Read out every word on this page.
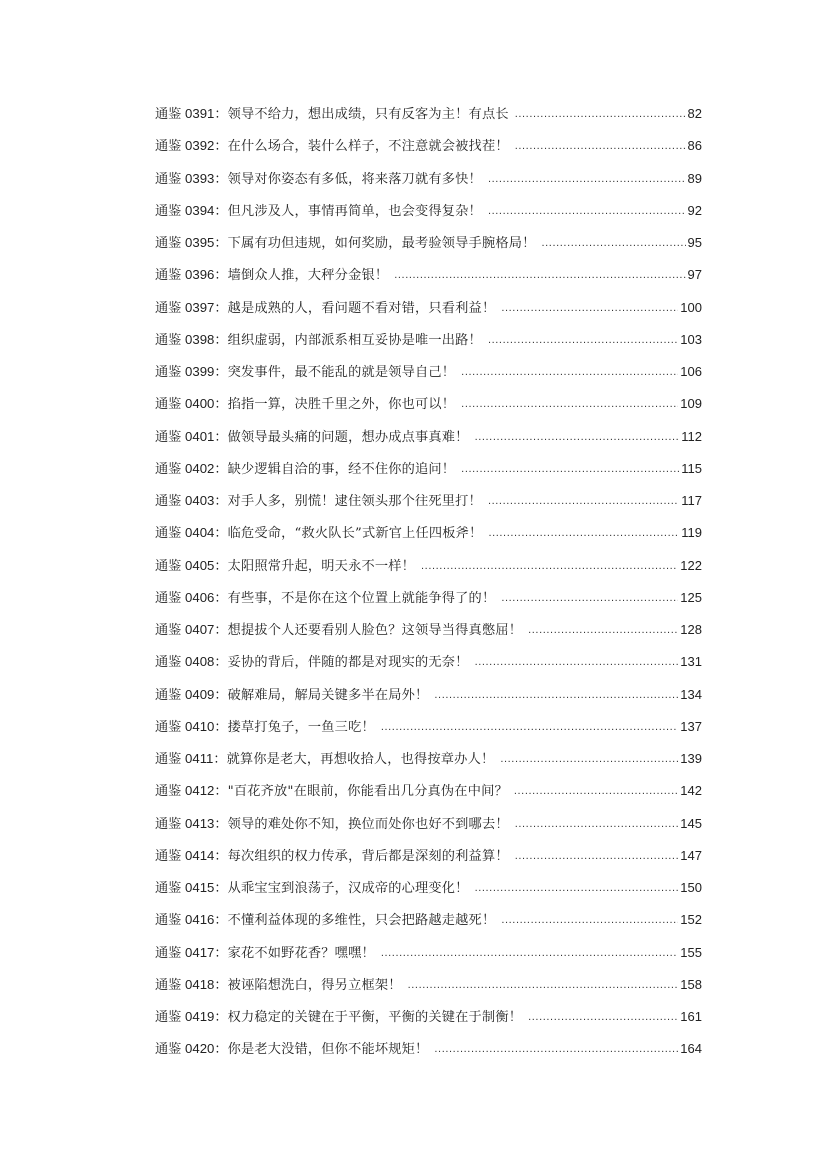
通鉴 0391： 领导不给力，想出成绩，只有反客为主！有点长 .....	82
通鉴 0392： 在什么场合，装什么样子，不注意就会被找茬！ .....	86
通鉴 0393： 领导对你姿态有多低，将来落刀就有多快！ .....	89
通鉴 0394： 但凡涉及人，事情再简单，也会变得复杂！ .....	92
通鉴 0395： 下属有功但违规，如何奖励，最考验领导手腕格局！ .....	95
通鉴 0396： 墙倒众人推，大秤分金银！ .....	97
通鉴 0397： 越是成熟的人，看问题不看对错，只看利益！ .....	100
通鉴 0398： 组织虚弱，内部派系相互妥协是唯一出路！ .....	103
通鉴 0399： 突发事件，最不能乱的就是领导自己！ .....	106
通鉴 0400： 掐指一算，决胜千里之外，你也可以！ .....	109
通鉴 0401： 做领导最头痛的问题，想办成点事真难！ .....	112
通鉴 0402： 缺少逻辑自洽的事，经不住你的追问！ .....	115
通鉴 0403： 对手人多，别慌！逮住领头那个往死里打！ .....	117
通鉴 0404： 临危受命，“救火队长”式新官上任四板斧！ .....	119
通鉴 0405： 太阳照常升起，明天永不一样！ .....	122
通鉴 0406： 有些事，不是你在这个位置上就能争得了的！ .....	125
通鉴 0407： 想提拔个人还要看别人脸色？这领导当得真憋屈！ .....	128
通鉴 0408： 妥协的背后，伴随的都是对现实的无奈！ .....	131
通鉴 0409： 破解难局，解局关键多半在局外！ .....	134
通鉴 0410： 搂草打兔子，一鱼三吃！ .....	137
通鉴 0411： 就算你是老大，再想收拾人，也得按章办人！ .....	139
通鉴 0412： "百花齐放"在眼前，你能看出几分真伪在中间？ .....	142
通鉴 0413： 领导的难处你不知，换位而处你也好不到哪去！ .....	145
通鉴 0414： 每次组织的权力传承，背后都是深刻的利益算！ .....	147
通鉴 0415： 从乖宝宝到浪荡子，汉成帝的心理变化！ .....	150
通鉴 0416： 不懂利益体现的多维性，只会把路越走越死！ .....	152
通鉴 0417： 家花不如野花香？嘿嘿！ .....	155
通鉴 0418： 被诬陷想洗白，得另立框架！ .....	158
通鉴 0419： 权力稳定的关键在于平衡，平衡的关键在于制衡！ .....	161
通鉴 0420： 你是老大没错，但你不能坏规矩！ .....	164
